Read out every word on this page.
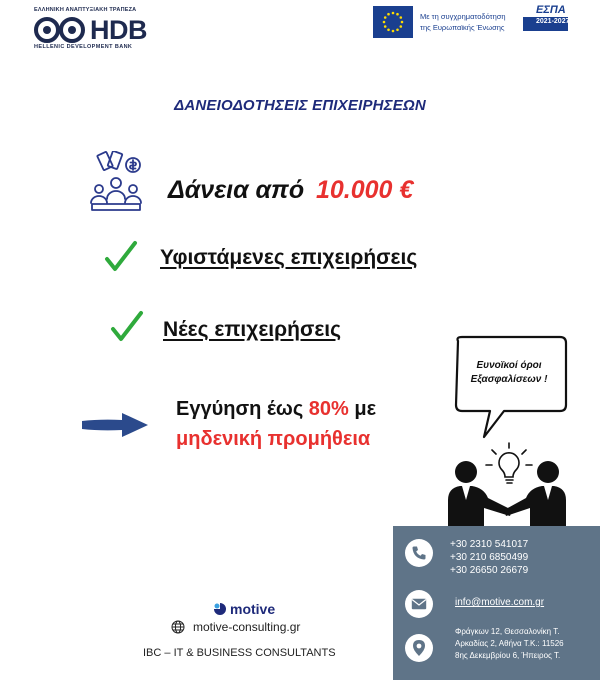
ΕΛΛΗΝΙΚΗ ΑΝΑΠΤΥΞΙΑΚΗ ΤΡΑΠΕΖΑ
HDB
HELLENIC DEVELOPMENT BANK
Με τη συγχρηματοδότηση
της Ευρωπαϊκής Ένωσης
ΕΣΠΑ
2021-2027
ΔΑΝΕΙΟΔΟΤΗΣΕΙΣ ΕΠΙΧΕΙΡΗΣΕΩΝ
Δάνεια από 10.000 €
Υφιστάμενες επιχειρήσεις
Νέες επιχειρήσεις
Εγγύηση έως 80% με
μηδενική προμήθεια
Ευνοϊκοί όροι
Εξασφαλίσεων !
+30 2310 541017
+30 210 6850499
+30 26650 26679
info@motive.com.gr
Φράγκων 12, Θεσσαλονίκη Τ.
Αρκαδίας 2, Αθήνα Τ.Κ.: 11526
8ης Δεκεμβρίου 6, Ήπειρος Τ.
motive
motive-consulting.gr
IBC – IT & BUSINESS CONSULTANTS
